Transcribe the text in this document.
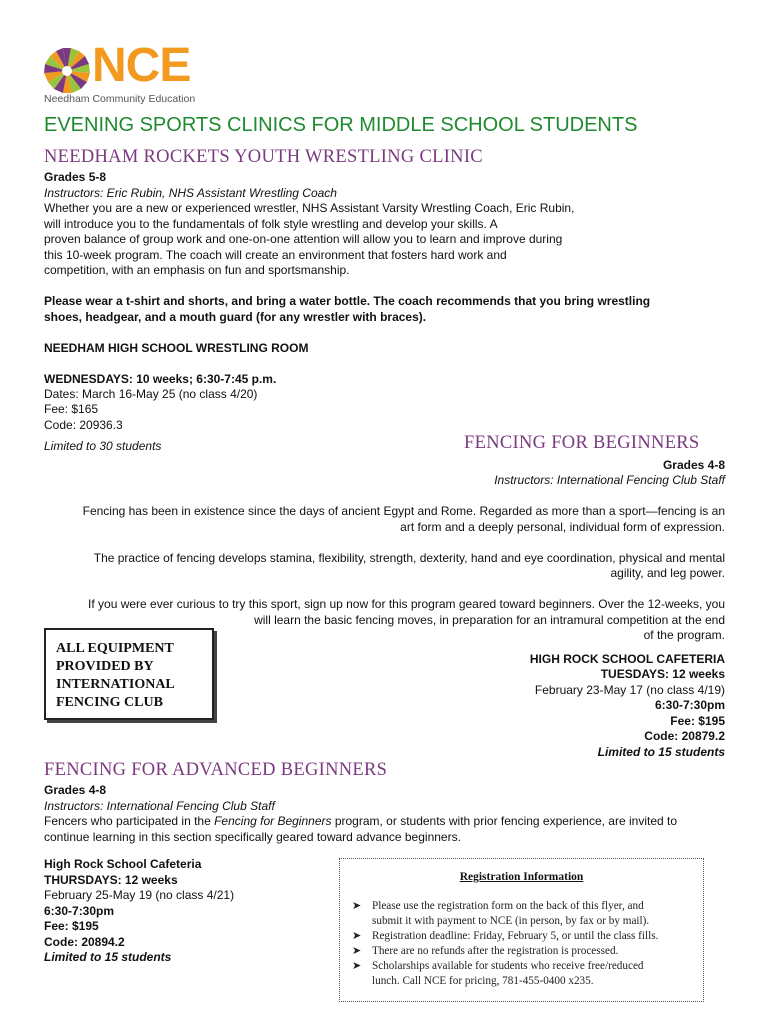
NCE
Needham Community Education
EVENING SPORTS CLINICS FOR MIDDLE SCHOOL STUDENTS
NEEDHAM ROCKETS YOUTH WRESTLING CLINIC
Grades 5-8
Instructors: Eric Rubin, NHS Assistant Wrestling Coach
Whether you are a new or experienced wrestler, NHS Assistant Varsity Wrestling Coach, Eric Rubin,
will introduce you to the fundamentals of folk style wrestling and develop your skills. A
proven balance of group work and one-on-one attention will allow you to learn and improve during
this 10-week program. The coach will create an environment that fosters hard work and
competition, with an emphasis on fun and sportsmanship.
Please wear a t-shirt and shorts, and bring a water bottle. The coach recommends that you bring wrestling
shoes, headgear, and a mouth guard (for any wrestler with braces).
NEEDHAM HIGH SCHOOL WRESTLING ROOM
WEDNESDAYS: 10 weeks; 6:30-7:45 p.m.
Dates: March 16-May 25 (no class 4/20)
Fee: $165
Code: 20936.3
Limited to 30 students	FENCING FOR BEGINNERS
Grades 4-8
Instructors: International Fencing Club Staff
Fencing has been in existence since the days of ancient Egypt and Rome. Regarded as more than a sport—fencing is an
art form and a deeply personal, individual form of expression.
The practice of fencing develops stamina, flexibility, strength, dexterity, hand and eye coordination, physical and mental
agility, and leg power.
If you were ever curious to try this sport, sign up now for this program geared toward beginners. Over the 12-weeks, you
will learn the basic fencing moves, in preparation for an intramural competition at the end
of the program.
HIGH ROCK SCHOOL CAFETERIA
TUESDAYS: 12 weeks
February 23-May 17 (no class 4/19)
6:30-7:30pm
Fee: $195
Code: 20879.2
Limited to 15 students
ALL EQUIPMENT
PROVIDED BY
INTERNATIONAL
FENCING CLUB
FENCING FOR ADVANCED BEGINNERS
Grades 4-8
Instructors: International Fencing Club Staff
Fencers who participated in the Fencing for Beginners program, or students with prior fencing experience, are invited to
continue learning in this section specifically geared toward advance beginners.
High Rock School Cafeteria
THURSDAYS: 12 weeks
February 25-May 19 (no class 4/21)
6:30-7:30pm
Fee: $195
Code: 20894.2
Limited to 15 students
Registration Information
➤ Please use the registration form on the back of this flyer, and
submit it with payment to NCE (in person, by fax or by mail).
➤ Registration deadline: Friday, February 5, or until the class fills.
➤ There are no refunds after the registration is processed.
➤ Scholarships available for students who receive free/reduced
lunch. Call NCE for pricing, 781-455-0400 x235.
